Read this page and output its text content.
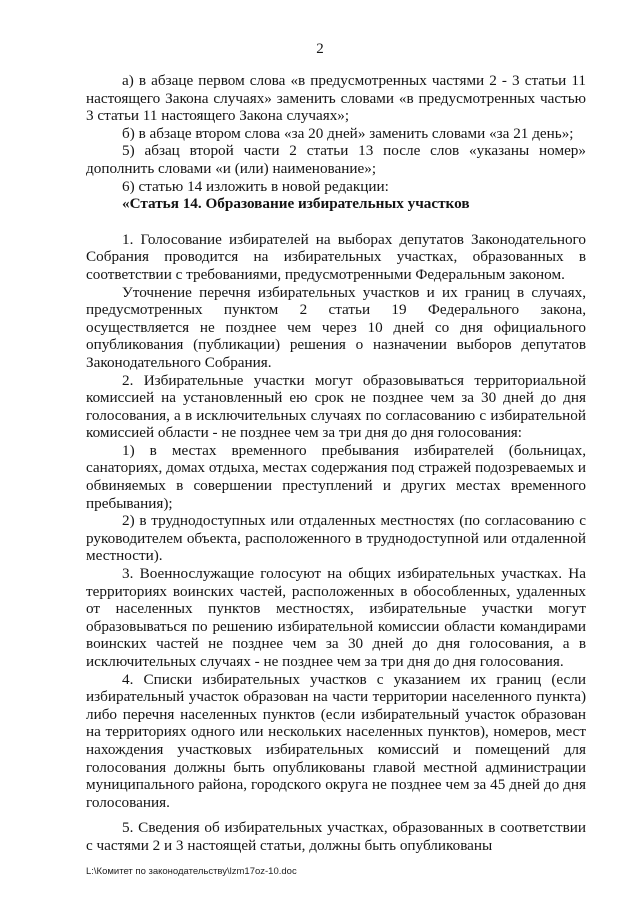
2

а) в абзаце первом слова «в предусмотренных частями 2 - 3 статьи 11 настоящего Закона случаях» заменить словами «в предусмотренных частью 3 статьи 11 настоящего Закона случаях»;

б) в абзаце втором слова «за 20 дней» заменить словами «за 21 день»;

5) абзац второй части 2 статьи 13 после слов «указаны номер» дополнить словами «и (или) наименование»;

6) статью 14 изложить в новой редакции:

«Статья 14. Образование избирательных участков

1. Голосование избирателей на выборах депутатов Законодательного Собрания проводится на избирательных участках, образованных в соответствии с требованиями, предусмотренными Федеральным законом.

Уточнение перечня избирательных участков и их границ в случаях, предусмотренных пунктом 2 статьи 19 Федерального закона, осуществляется не позднее чем через 10 дней со дня официального опубликования (публикации) решения о назначении выборов депутатов Законодательного Собрания.

2. Избирательные участки могут образовываться территориальной комиссией на установленный ею срок не позднее чем за 30 дней до дня голосования, а в исключительных случаях по согласованию с избирательной комиссией области - не позднее чем за три дня до дня голосования:

1) в местах временного пребывания избирателей (больницах, санаториях, домах отдыха, местах содержания под стражей подозреваемых и обвиняемых в совершении преступлений и других местах временного пребывания);

2) в труднодоступных или отдаленных местностях (по согласованию с руководителем объекта, расположенного в труднодоступной или отдаленной местности).

3. Военнослужащие голосуют на общих избирательных участках. На территориях воинских частей, расположенных в обособленных, удаленных от населенных пунктов местностях, избирательные участки могут образовываться по решению избирательной комиссии области командирами воинских частей не позднее чем за 30 дней до дня голосования, а в исключительных случаях - не позднее чем за три дня до дня голосования.

4. Списки избирательных участков с указанием их границ (если избирательный участок образован на части территории населенного пункта) либо перечня населенных пунктов (если избирательный участок образован на территориях одного или нескольких населенных пунктов), номеров, мест нахождения участковых избирательных комиссий и помещений для голосования должны быть опубликованы главой местной администрации муниципального района, городского округа не позднее чем за 45 дней до дня голосования.

5. Сведения об избирательных участках, образованных в соответствии с частями 2 и 3 настоящей статьи, должны быть опубликованы

L:\Комитет по законодательству\lzm17oz-10.doc
